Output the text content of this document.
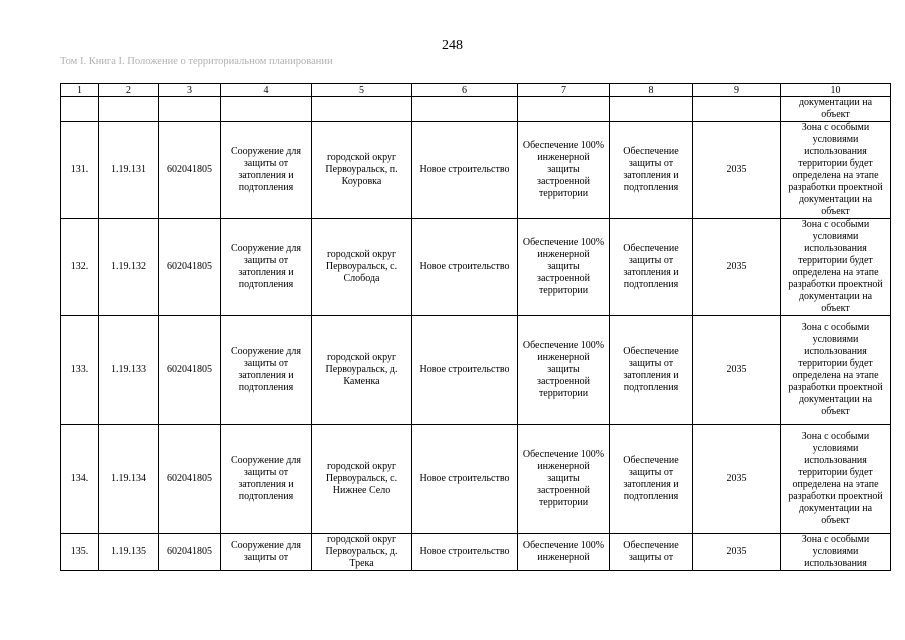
248
Том I. Книга I. Положение о территориальном планировании
1	2	3	4	5	6	7	8	9	10
									документации на объект
131.	1.19.131	602041805	Сооружение для защиты от затопления и подтопления	городской округ Первоуральск, п. Коуровка	Новое строительство	Обеспечение 100% инженерной защиты застроенной территории	Обеспечение защиты от затопления и подтопления	2035	Зона с особыми условиями использования территории будет определена на этапе разработки проектной документации на объект
132.	1.19.132	602041805	Сооружение для защиты от затопления и подтопления	городской округ Первоуральск, с. Слобода	Новое строительство	Обеспечение 100% инженерной защиты застроенной территории	Обеспечение защиты от затопления и подтопления	2035	Зона с особыми условиями использования территории будет определена на этапе разработки проектной документации на объект
133.	1.19.133	602041805	Сооружение для защиты от затопления и подтопления	городской округ Первоуральск, д. Каменка	Новое строительство	Обеспечение 100% инженерной защиты застроенной территории	Обеспечение защиты от затопления и подтопления	2035	Зона с особыми условиями использования территории будет определена на этапе разработки проектной документации на объект
134.	1.19.134	602041805	Сооружение для защиты от затопления и подтопления	городской округ Первоуральск, с. Нижнее Село	Новое строительство	Обеспечение 100% инженерной защиты застроенной территории	Обеспечение защиты от затопления и подтопления	2035	Зона с особыми условиями использования территории будет определена на этапе разработки проектной документации на объект
135.	1.19.135	602041805	Сооружение для защиты от	городской округ Первоуральск, д. Трека	Новое строительство	Обеспечение 100% инженерной	Обеспечение защиты от	2035	Зона с особыми условиями использования
